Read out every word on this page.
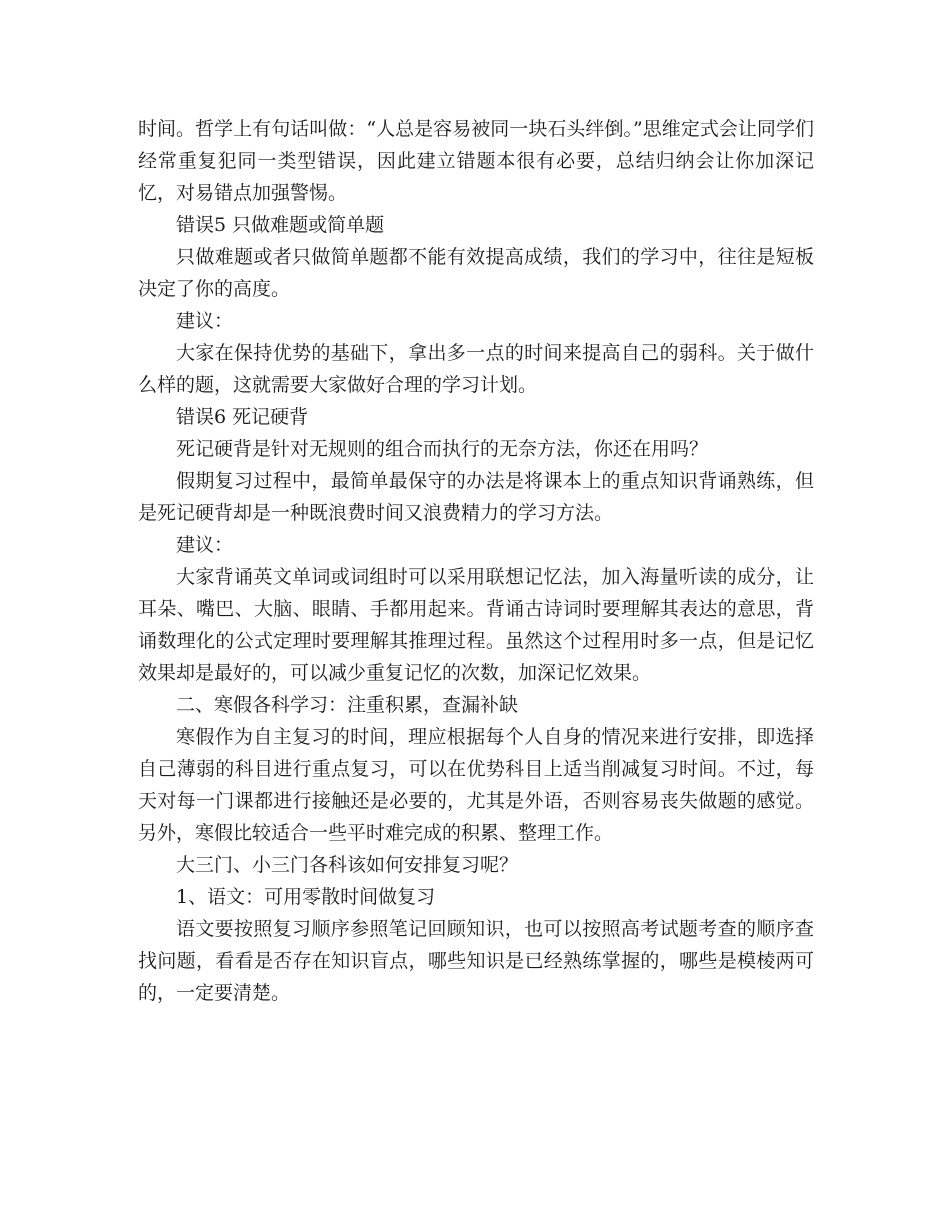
时间。哲学上有句话叫做：“人总是容易被同一块石头绊倒。”思维定式会让同学们经常重复犯同一类型错误，因此建立错题本很有必要，总结归纳会让你加深记忆，对易错点加强警惕。

错误5 只做难题或简单题

只做难题或者只做简单题都不能有效提高成绩，我们的学习中，往往是短板决定了你的高度。

建议：

大家在保持优势的基础下，拿出多一点的时间来提高自己的弱科。关于做什么样的题，这就需要大家做好合理的学习计划。

错误6 死记硬背

死记硬背是针对无规则的组合而执行的无奈方法，你还在用吗？

假期复习过程中，最简单最保守的办法是将课本上的重点知识背诵熟练，但是死记硬背却是一种既浪费时间又浪费精力的学习方法。

建议：

大家背诵英文单词或词组时可以采用联想记忆法，加入海量听读的成分，让耳朵、嘴巴、大脑、眼睛、手都用起来。背诵古诗词时要理解其表达的意思，背诵数理化的公式定理时要理解其推理过程。虽然这个过程用时多一点，但是记忆效果却是最好的，可以减少重复记忆的次数，加深记忆效果。

二、寒假各科学习：注重积累，查漏补缺

寒假作为自主复习的时间，理应根据每个人自身的情况来进行安排，即选择自己薄弱的科目进行重点复习，可以在优势科目上适当削减复习时间。不过，每天对每一门课都进行接触还是必要的，尤其是外语，否则容易丧失做题的感觉。另外，寒假比较适合一些平时难完成的积累、整理工作。

大三门、小三门各科该如何安排复习呢？

1、语文：可用零散时间做复习

语文要按照复习顺序参照笔记回顾知识，也可以按照高考试题考查的顺序查找问题，看看是否存在知识盲点，哪些知识是已经熟练掌握的，哪些是模棱两可的，一定要清楚。
